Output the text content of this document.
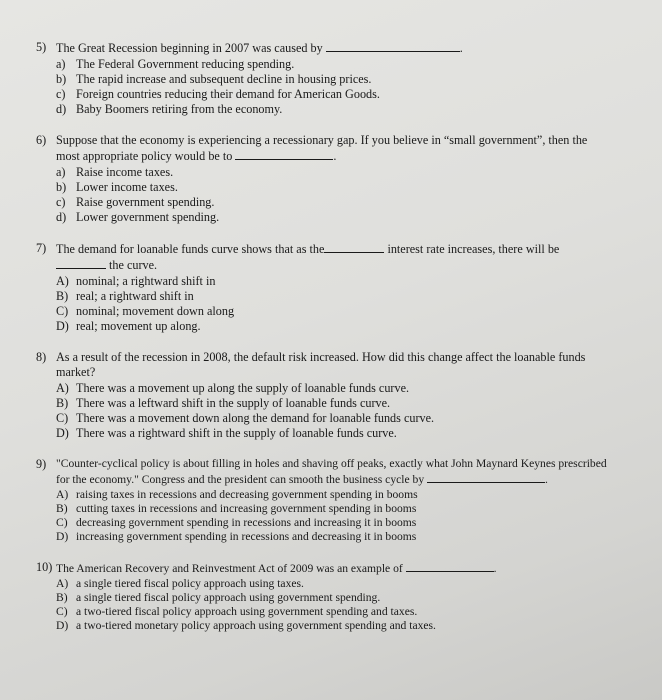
5) The Great Recession beginning in 2007 was caused by	.
a) The Federal Government reducing spending.
b) The rapid increase and subsequent decline in housing prices.
c) Foreign countries reducing their demand for American Goods.
d) Baby Boomers retiring from the economy.
6) Suppose that the economy is experiencing a recessionary gap. If you believe in “small government”, then the
most appropriate policy would be to	.
a) Raise income taxes.
b) Lower income taxes.
c) Raise government spending.
d) Lower government spending.
7) The demand for loanable funds curve shows that as the	interest rate increases, there will be
the curve.
A) nominal; a rightward shift in
B) real; a rightward shift in
C) nominal; movement down along
D) real; movement up along.
8) As a result of the recession in 2008, the default risk increased. How did this change affect the loanable funds
market?
A) There was a movement up along the supply of loanable funds curve.
B) There was a leftward shift in the supply of loanable funds curve.
C) There was a movement down along the demand for loanable funds curve.
D) There was a rightward shift in the supply of loanable funds curve.
9) "Counter-cyclical policy is about filling in holes and shaving off peaks, exactly what John Maynard Keynes prescribed
for the economy." Congress and the president can smooth the business cycle by	.
A) raising taxes in recessions and decreasing government spending in booms
B) cutting taxes in recessions and increasing government spending in booms
C) decreasing government spending in recessions and increasing it in booms
D) increasing government spending in recessions and decreasing it in booms
10) The American Recovery and Reinvestment Act of 2009 was an example of	.
A) a single tiered fiscal policy approach using taxes.
B) a single tiered fiscal policy approach using government spending.
C) a two-tiered fiscal policy approach using government spending and taxes.
D) a two-tiered monetary policy approach using government spending and taxes.
